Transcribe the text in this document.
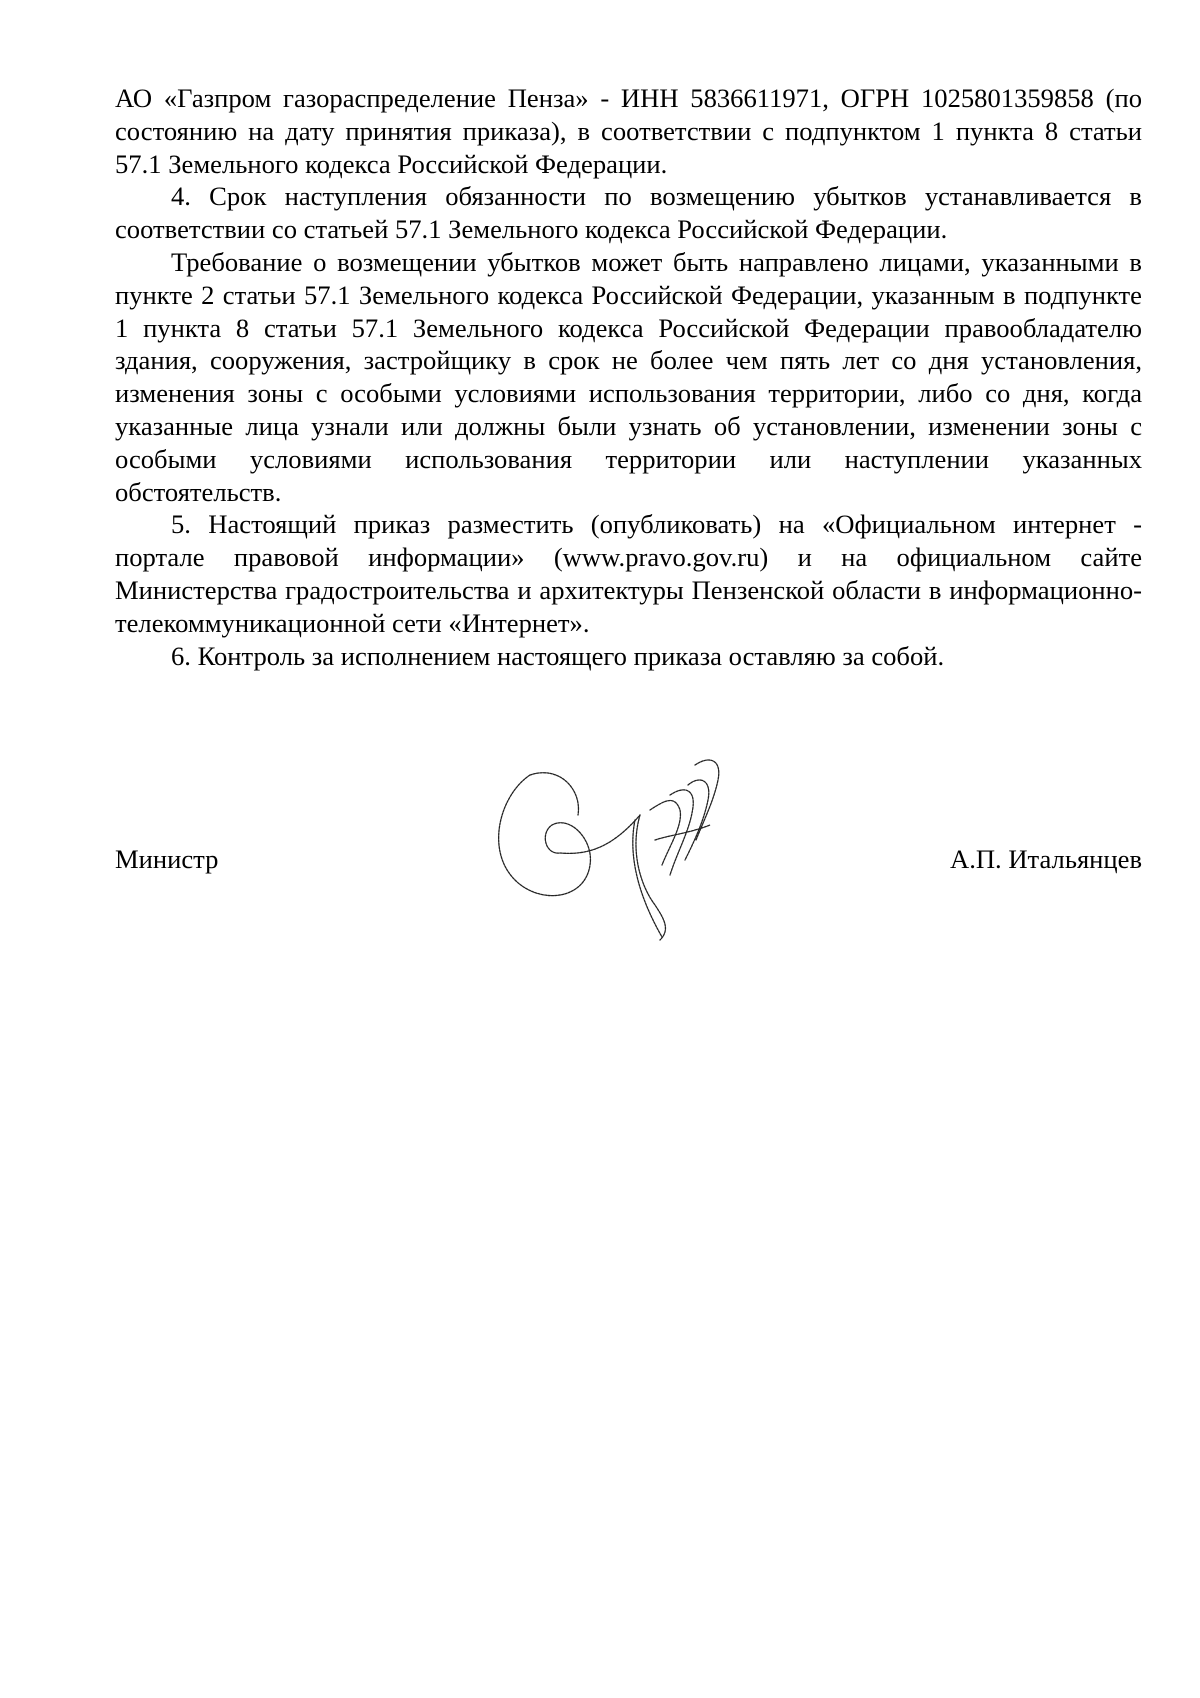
АО «Газпром газораспределение Пенза» - ИНН 5836611971, ОГРН 1025801359858 (по состоянию на дату принятия приказа), в соответствии с подпунктом 1 пункта 8 статьи 57.1 Земельного кодекса Российской Федерации.

4. Срок наступления обязанности по возмещению убытков устанавливается в соответствии со статьей 57.1 Земельного кодекса Российской Федерации.

Требование о возмещении убытков может быть направлено лицами, указанными в пункте 2 статьи 57.1 Земельного кодекса Российской Федерации, указанным в подпункте 1 пункта 8 статьи 57.1 Земельного кодекса Российской Федерации правообладателю здания, сооружения, застройщику в срок не более чем пять лет со дня установления, изменения зоны с особыми условиями использования территории, либо со дня, когда указанные лица узнали или должны были узнать об установлении, изменении зоны с особыми условиями использования территории или наступлении указанных обстоятельств.

5. Настоящий приказ разместить (опубликовать) на «Официальном интернет - портале правовой информации» (www.pravo.gov.ru) и на официальном сайте Министерства градостроительства и архитектуры Пензенской области в информационно-телекоммуникационной сети «Интернет».

6. Контроль за исполнением настоящего приказа оставляю за собой.

Министр	А.П. Итальянцев
